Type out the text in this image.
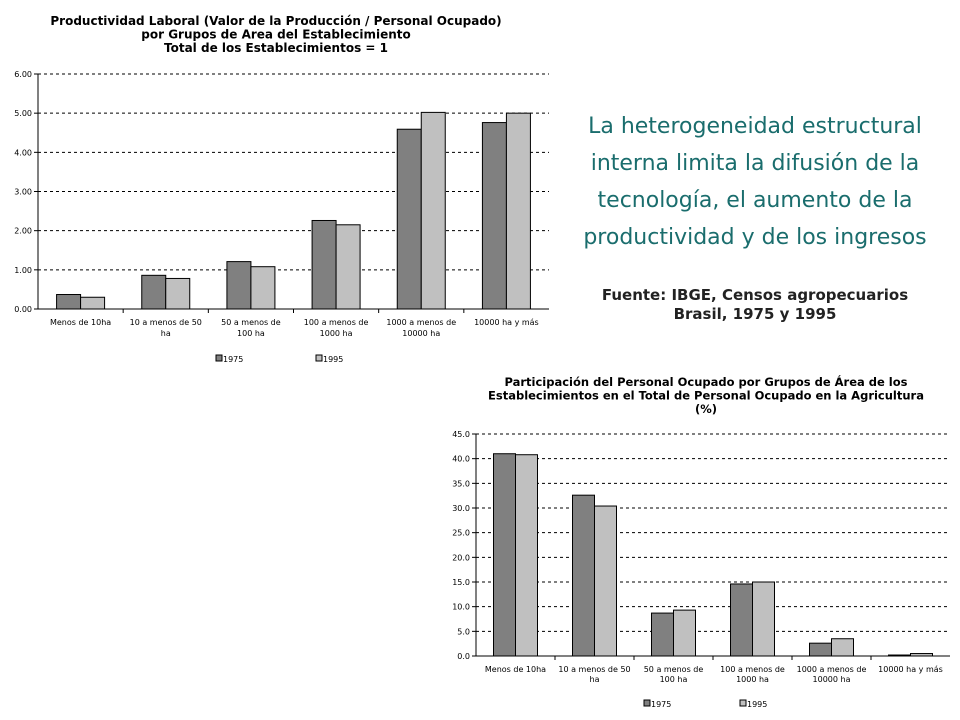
Productividad Laboral (Valor de la Producción / Personal Ocupado)
por Grupos de Area del Establecimiento
Total de los Establecimientos = 1
0.00
1.00
2.00
3.00
4.00
5.00
6.00
Menos de 10ha 10 a menos de 50
ha
50 a menos de
100 ha
100 a menos de
1000 ha
1000 a menos de
10000 ha
10000 ha y más
1975	1995
Participación del Personal Ocupado por Grupos de Área de los
Establecimientos en el Total de Personal Ocupado en la Agricultura
(%)
0.0
5.0
10.0
15.0
20.0
25.0
30.0
35.0
40.0
45.0
Menos de 10ha 10 a menos de 50
ha
50 a menos de
100 ha
100 a menos de
1000 ha
1000 a menos de
10000 ha
10000 ha y más
1975	1995
La heterogeneidad estructural interna limita la difusión de la tecnología, el aumento de la productividad y de los ingresos
Fuente: IBGE, Censos agropecuarios
Brasil, 1975 y 1995
